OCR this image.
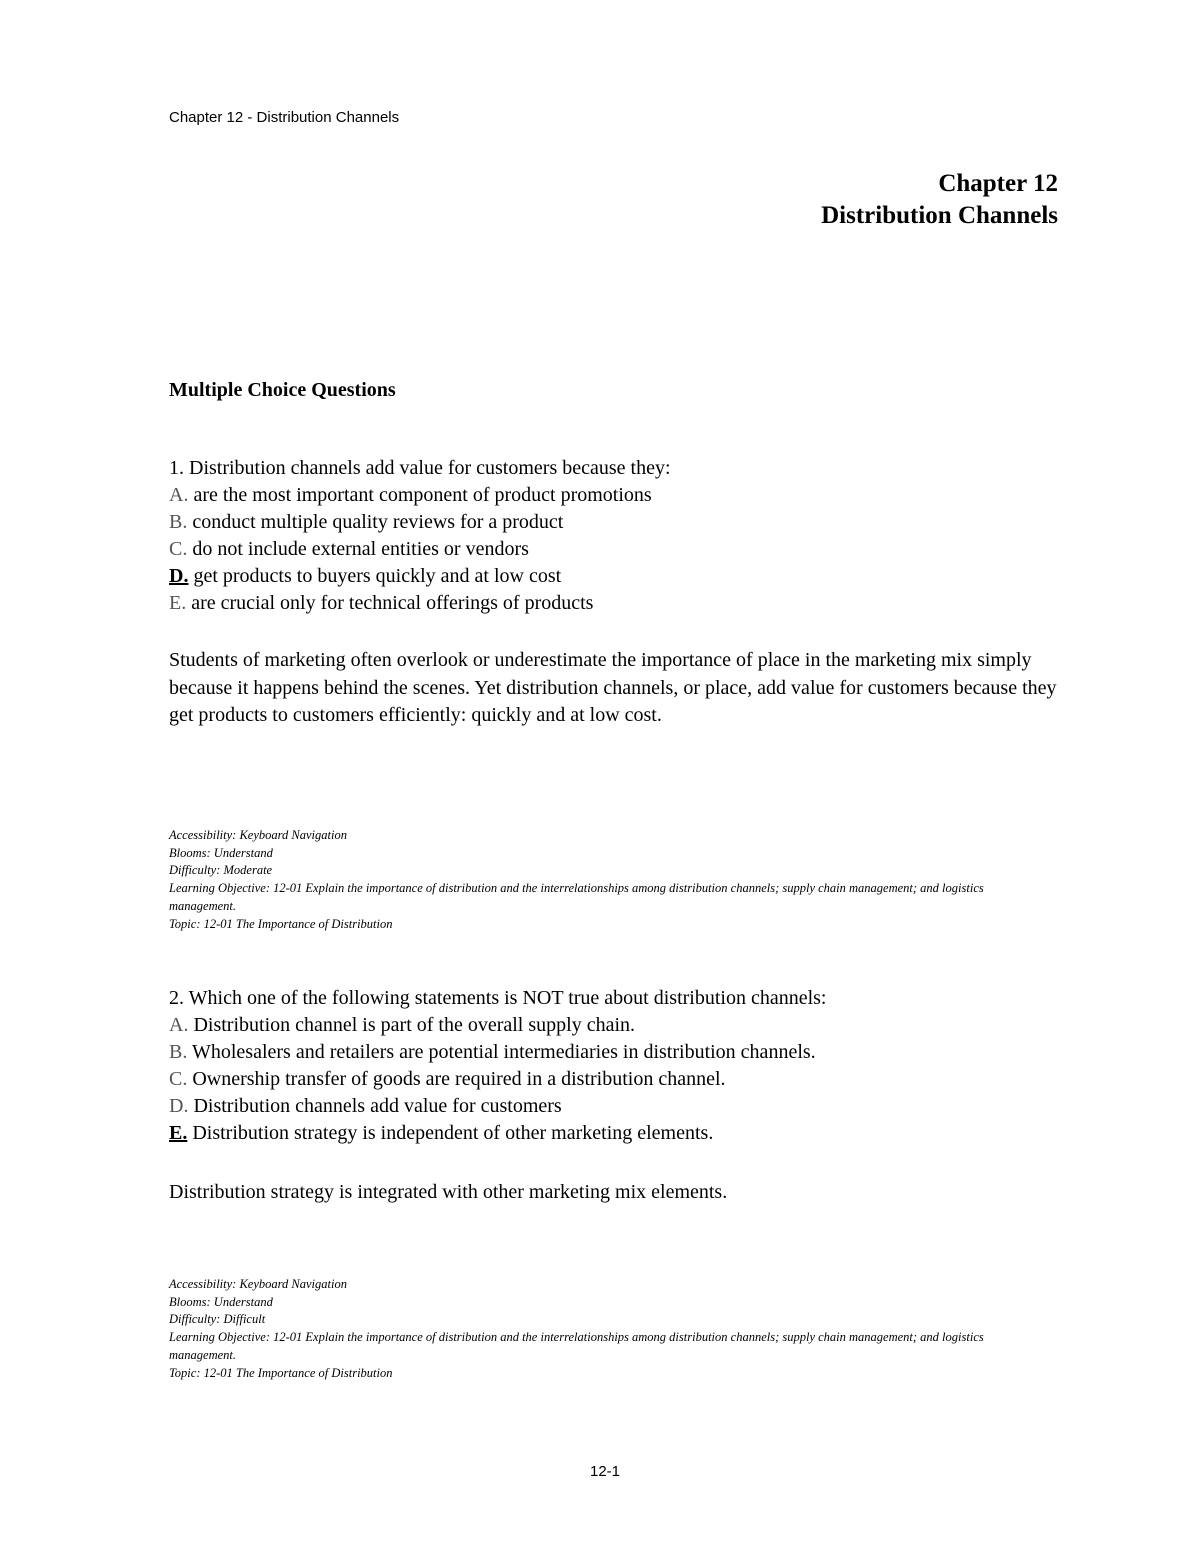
Chapter 12 - Distribution Channels
Chapter 12
Distribution Channels
Multiple Choice Questions
1. Distribution channels add value for customers because they:
A. are the most important component of product promotions
B. conduct multiple quality reviews for a product
C. do not include external entities or vendors
D. get products to buyers quickly and at low cost
E. are crucial only for technical offerings of products
Students of marketing often overlook or underestimate the importance of place in the marketing mix simply because it happens behind the scenes. Yet distribution channels, or place, add value for customers because they get products to customers efficiently: quickly and at low cost.
Accessibility: Keyboard Navigation
Blooms: Understand
Difficulty: Moderate
Learning Objective: 12-01 Explain the importance of distribution and the interrelationships among distribution channels; supply chain management; and logistics management.
Topic: 12-01 The Importance of Distribution
2. Which one of the following statements is NOT true about distribution channels:
A. Distribution channel is part of the overall supply chain.
B. Wholesalers and retailers are potential intermediaries in distribution channels.
C. Ownership transfer of goods are required in a distribution channel.
D. Distribution channels add value for customers
E. Distribution strategy is independent of other marketing elements.
Distribution strategy is integrated with other marketing mix elements.
Accessibility: Keyboard Navigation
Blooms: Understand
Difficulty: Difficult
Learning Objective: 12-01 Explain the importance of distribution and the interrelationships among distribution channels; supply chain management; and logistics management.
Topic: 12-01 The Importance of Distribution
12-1
